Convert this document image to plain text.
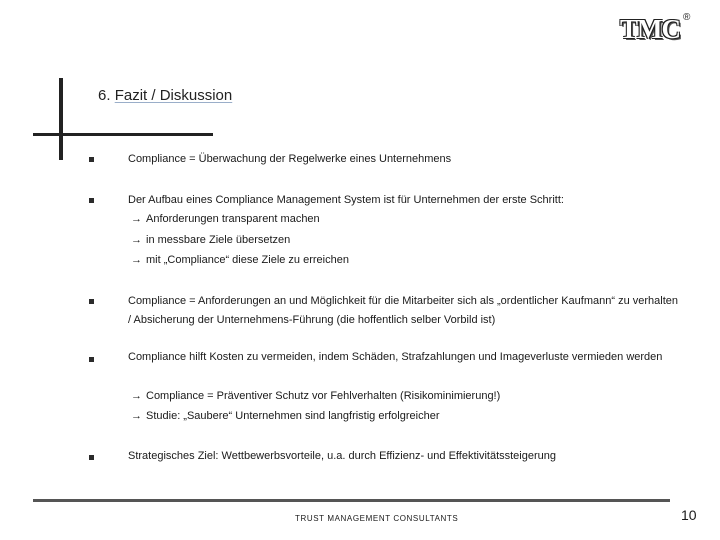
TMC ®
6. Fazit / Diskussion
Compliance = Überwachung der Regelwerke eines Unternehmens
Der Aufbau eines Compliance Management System ist für Unternehmen der erste Schritt:
→ Anforderungen transparent machen
→ in messbare Ziele übersetzen
→ mit „Compliance“ diese Ziele zu erreichen
Compliance = Anforderungen an und Möglichkeit für die Mitarbeiter sich als „ordentlicher Kaufmann“ zu verhalten / Absicherung der Unternehmens-Führung (die hoffentlich selber Vorbild ist)
Compliance hilft Kosten zu vermeiden, indem Schäden, Strafzahlungen und Imageverluste vermieden werden
→ Compliance = Präventiver Schutz vor Fehlverhalten (Risikominimierung!)
→ Studie: „Saubere“ Unternehmen sind langfristig erfolgreicher
Strategisches Ziel: Wettbewerbsvorteile, u.a. durch Effizienz- und Effektivitätssteigerung
TRUST MANAGEMENT CONSULTANTS	10
